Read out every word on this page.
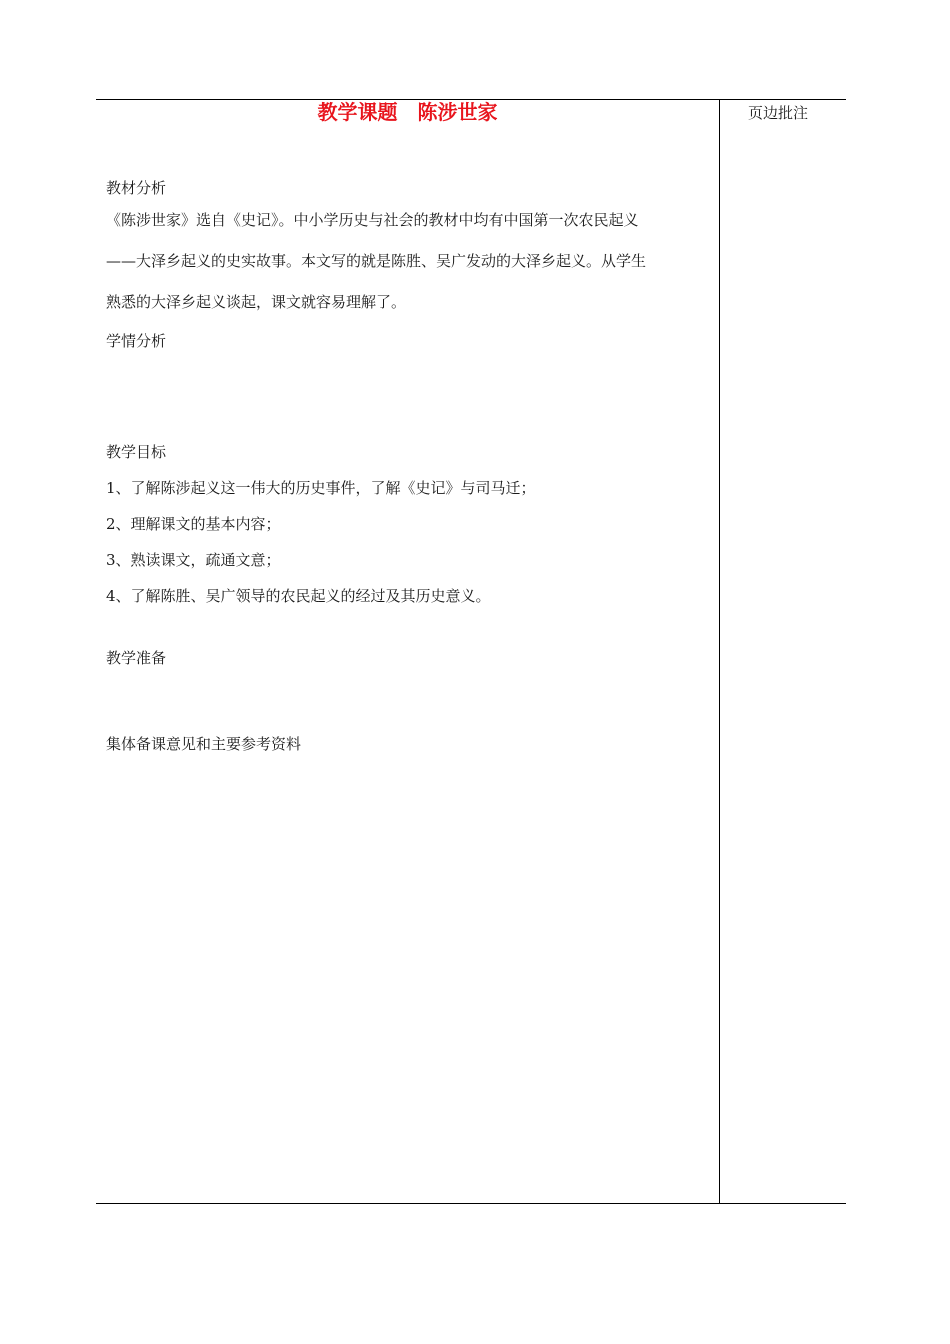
教学课题 陈涉世家	页边批注
教材分析
《陈涉世家》选自《史记》。中小学历史与社会的教材中均有中国第一次农民起义
——大泽乡起义的史实故事。本文写的就是陈胜、吴广发动的大泽乡起义。从学生
熟悉的大泽乡起义谈起，课文就容易理解了。
学情分析
教学目标
1、了解陈涉起义这一伟大的历史事件，了解《史记》与司马迁；
2、理解课文的基本内容；
3、熟读课文，疏通文意；
4、了解陈胜、吴广领导的农民起义的经过及其历史意义。
教学准备
集体备课意见和主要参考资料
